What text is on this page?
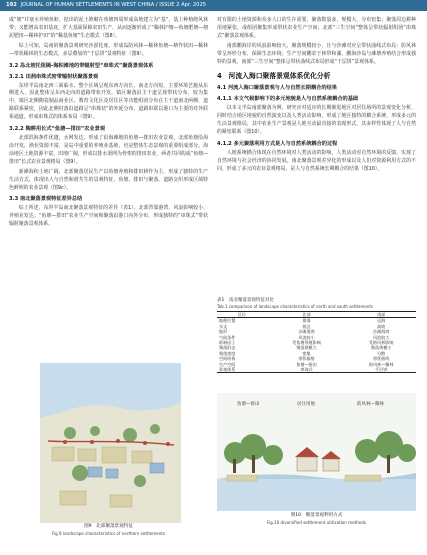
192 JOURNAL OF HUMAN SETTLEMENTS IN WEST CHINA / ISSUE 2 Apr. 2025

成“塘”并塞水养殖鱼虾，挖出的泥土堆砌在鱼塘四周形成高地建立为“基”，基上种植绕风林带；又能增高农田基底，扩大基面保障农田生产，从而逐渐形成了“稀林护塘—鱼塘肥塘—塘泥肥田—稀林护田”的“稀基鱼塘”生态模式（图8）。

综上可知，岛南的聚落景观研究沙淤化度、形成岛防风林—稀林鱼塘—耕作状田—稀林—带状稀林的生态模式，多层叠加的“千层饼”景观特征（图9）。

3.2 岛北坡托阻隔-海积滩地的带辐射型“串珠式”聚落景观体系
3.2.1 田洞串珠式密带辐射状聚落景观

东坦半岛南北西三面临水，整个区域呈现东西方向长，南北方向短，主要环境艺施从东侧进入，因此整体呈东西走向的道路带状开发。镇区聚落沿主干道呈现带状分布，较为集中，镇区北侧陶瓷制品商业区、教育文化区及居住区等功能组团分布在主干道南北两侧，道路联系紧密，因此北侧村落沿道路呈“串珠状”的外延分布，道路串联以港口为主要的对外联系通道，形成串珠式的体系布局（图9）。

3.2.2 陶耕用长式“鱼塘—排田”农业景观

北部滨海条件优越，水网发达，形成了沿海滩地的鱼塘—排田农业景观。北部鱼塘沿海涂开发，渔业资源丰富，是岛中重要的养殖业基地，也是整体生态景观的重要组成部分。海涂地区土地资源丰富，田地广阔，形成以排水渠网为骨架的排田农业，两者共同构成“鱼塘—排田”长式农业景观格局（图9）。

新滩海积土地广阔，北部聚落居民生产以鱼塘养殖和排田耕作为主，形成了独特的生产生活方式，体现出人与自然和谐共生的景观特征，鱼塘、排田与聚落、道路交织形成区域特色鲜明的农业景观（图9c）。

3.3 南北聚落景观特征差异总结

综上所述，东坦半岛南北聚落景观特征的差异（表1）。北部背靠港湾、风浪影响较小，养殖业发达；“鱼塘—排田”农业生产空间和聚落沿港口向外分布，形成独特的“串珠式”带状辐射聚落景观体系。

图9　北部聚落景观特征
Fig.9 landscape characteristics of northern settlements

对有限的土地资源和众多人口的生存需要，聚落数量多，规模大，分布密集；聚落周边耕种用地紧张，成组团聚集形成带状农业生产空间；北部“三生空间”整体呈带状辐射组团“串珠式”聚落景观体系。

南部鹏海岸的风浪影响较大，聚落规模较小，且与沙滩对应呈带状曲线式布局：防风林带呈环形分布，保障生态环境；生产空间鹏农于林带和湖，鹏海沙岛与滩塘养殖结合形成独特的景观，南部“三生空间”整体呈带状曲线式布局形成“千层饼”景观体系。

4　河流入海口聚落景观体系优化分析
4.1 河流入海口聚落景观与人与自然长期耦合的结果
4.1.1 本文气候影响下的多元地貌是人与自然系统耦合的基础

以本文半岛南部聚落为例，研究应对适应的长期渐进地区对居住场所的景观变化分析，同时结合地区地貌的自然演变以及人类活动影响，形成了地区独特的耦合系统，形成多元的生活景观格局，其中农业生产景观是人地互动最直接的表现形式，其多样性体现了人与自然的紧密联系（图10）。

4.1.2 多元聚落利用方式是人与自然系统耦合的过程

人地系统耦合体现在自然环境对人类活动的影响，人类活动对自然环境的反馈，实现了自然环境与社会经济的协同发展。南北聚落景观差异化的形成以及人们对资源利用方式的不同，形成了多元的农业景观格局，是人与自然系统长期耦合的结果（图10）。

表1　南北聚落景观特征对比
Tab.1 comparison of landscape characteristics of north and south settlements
区位	北部	南部
地理位置	靠海	远海
水文	低洼	高坡
地形	沙滩海湾	沙滩海湾
气候条件	风浪较小	风浪较大
影响因子	受鱼塘养殖影响	受防风林影响
聚落形态	聚落规模大	聚落规模小
聚落密度	密集	分散
空间结构	带状辐射	带状曲线
生产空间	鱼塘—排田	防风林—稀林
景观体系	串珠式	千层饼
鱼塘—排田	居住用地	防风林—稀林
图10　聚落景观利用方式
Fig.10 diversified settlement utilization methods
